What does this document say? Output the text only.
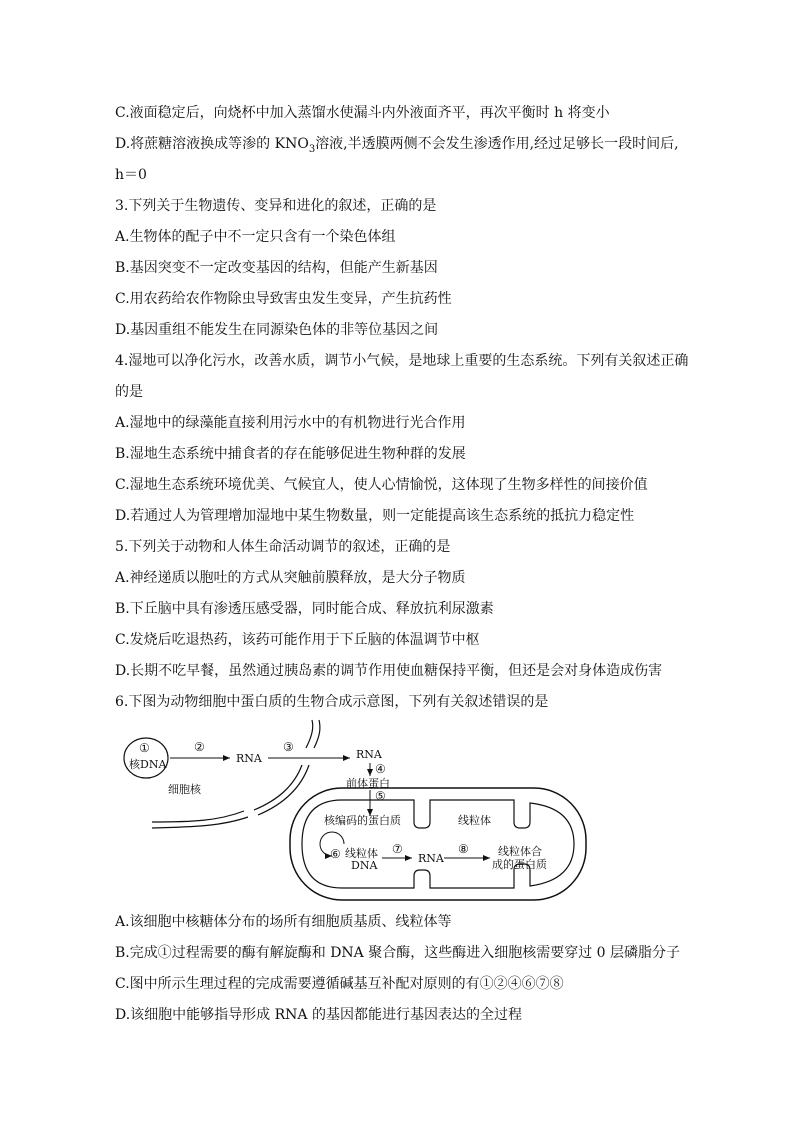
C.液面稳定后，向烧杯中加入蒸馏水使漏斗内外液面齐平，再次平衡时 h 将变小
D.将蔗糖溶液换成等渗的 $KNO_3$溶液,半透膜两侧不会发生渗透作用,经过足够长一段时间后,
h＝0
3.下列关于生物遗传、变异和进化的叙述，正确的是
A.生物体的配子中不一定只含有一个染色体组
B.基因突变不一定改变基因的结构，但能产生新基因
C.用农药给农作物除虫导致害虫发生变异，产生抗药性
D.基因重组不能发生在同源染色体的非等位基因之间
4.湿地可以净化污水，改善水质，调节小气候，是地球上重要的生态系统。下列有关叙述正确
的是
A.湿地中的绿藻能直接利用污水中的有机物进行光合作用
B.湿地生态系统中捕食者的存在能够促进生物种群的发展
C.湿地生态系统环境优美、气候宜人，使人心情愉悦，这体现了生物多样性的间接价值
D.若通过人为管理增加湿地中某生物数量，则一定能提高该生态系统的抵抗力稳定性
5.下列关于动物和人体生命活动调节的叙述，正确的是
A.神经递质以胞吐的方式从突触前膜释放，是大分子物质
B.下丘脑中具有渗透压感受器，同时能合成、释放抗利尿激素
C.发烧后吃退热药，该药可能作用于下丘脑的体温调节中枢
D.长期不吃早餐，虽然通过胰岛素的调节作用使血糖保持平衡，但还是会对身体造成伤害
6.下图为动物细胞中蛋白质的生物合成示意图，下列有关叙述错误的是
①
核DNA
②
RNA
③
RNA
细胞核
④
前体蛋白
⑤
核编码的蛋白质	线粒体
⑥ 线粒体
DNA
⑦
RNA
⑧	线粒体合
成的蛋白质
A.该细胞中核糖体分布的场所有细胞质基质、线粒体等
B.完成①过程需要的酶有解旋酶和 DNA 聚合酶，这些酶进入细胞核需要穿过 0 层磷脂分子
C.图中所示生理过程的完成需要遵循碱基互补配对原则的有①②④⑥⑦⑧
D.该细胞中能够指导形成 RNA 的基因都能进行基因表达的全过程
